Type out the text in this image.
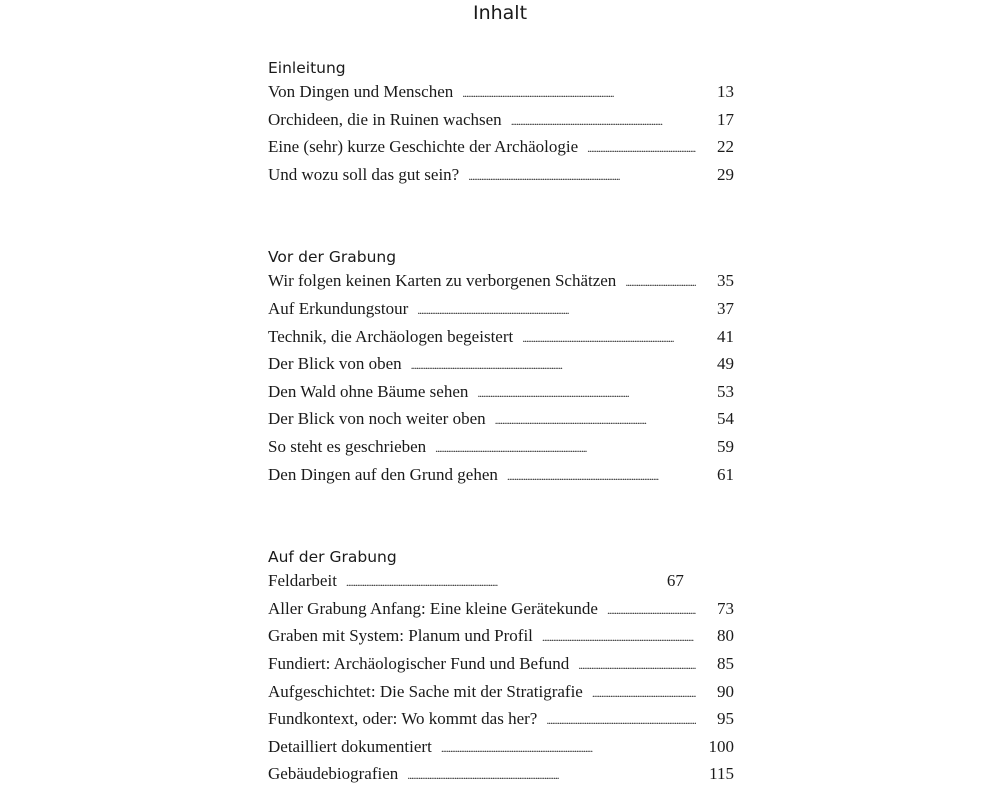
Inhalt
Einleitung
Von Dingen und Menschen . . .	13
Orchideen, die in Ruinen wachsen . . .	17
Eine (sehr) kurze Geschichte der Archäologie . . .	22
Und wozu soll das gut sein? . . .	29
Vor der Grabung
Wir folgen keinen Karten zu verborgenen Schätzen . . .	35
Auf Erkundungstour . . .	37
Technik, die Archäologen begeistert . . .	41
Der Blick von oben . . .	49
Den Wald ohne Bäume sehen . . .	53
Der Blick von noch weiter oben . . .	54
So steht es geschrieben . . .	59
Den Dingen auf den Grund gehen . . .	61
Auf der Grabung
Feldarbeit . . .	67
Aller Grabung Anfang: Eine kleine Gerätekunde . . .	73
Graben mit System: Planum und Profil . . .	80
Fundiert: Archäologischer Fund und Befund . . .	85
Aufgeschichtet: Die Sache mit der Stratigrafie . . .	90
Fundkontext, oder: Wo kommt das her? . . .	95
Detailliert dokumentiert . . .	100
Gebäudebiografien . . .	115
